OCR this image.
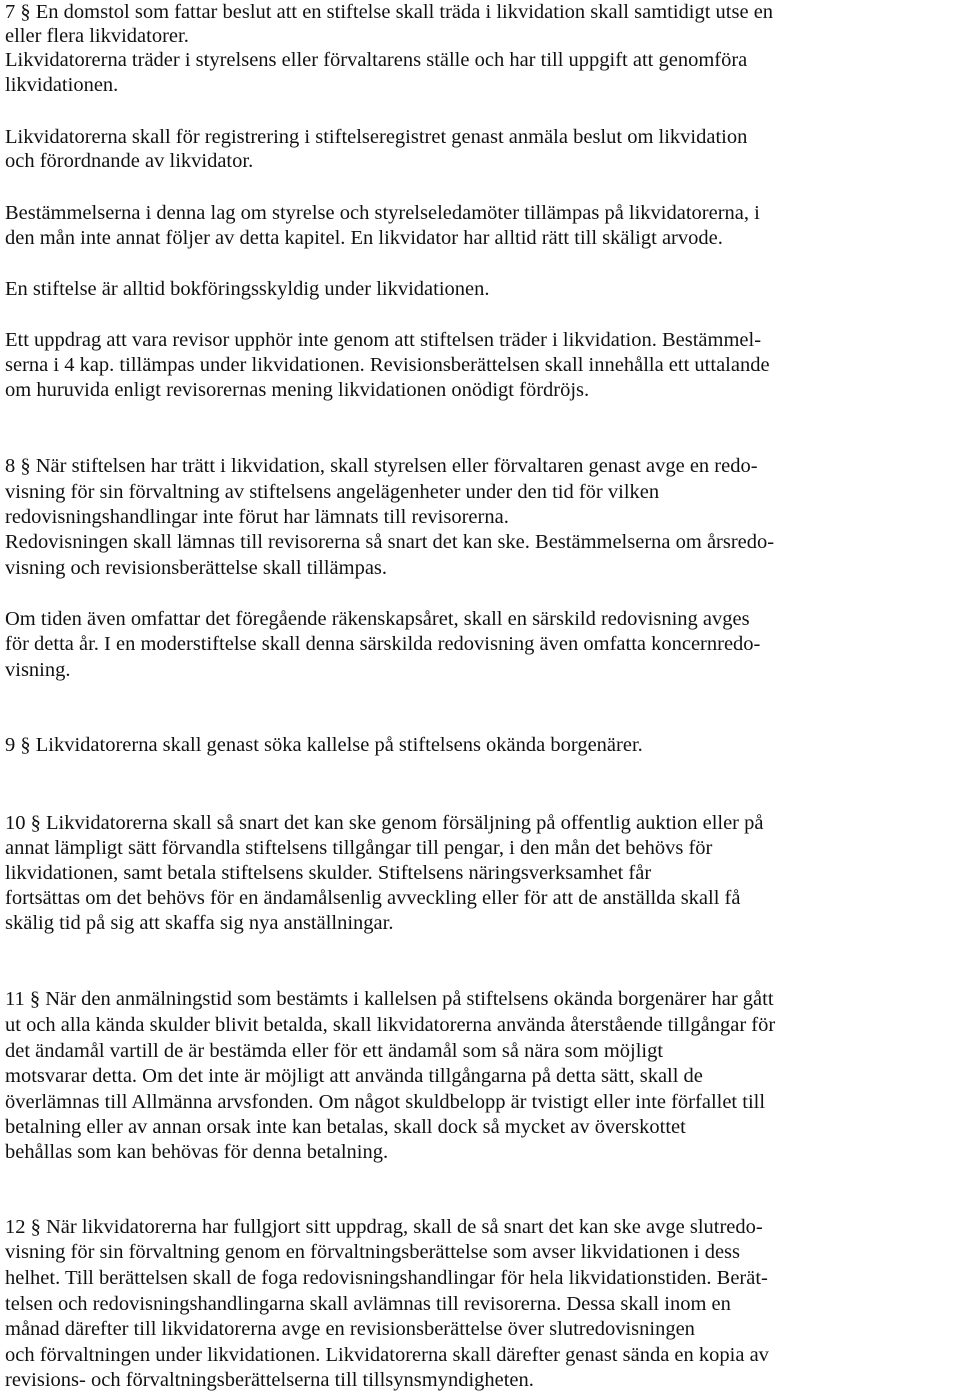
7 § En domstol som fattar beslut att en stiftelse skall träda i likvidation skall samtidigt utse en
eller flera likvidatorer.
Likvidatorerna träder i styrelsens eller förvaltarens ställe och har till uppgift att genomföra
likvidationen.
Likvidatorerna skall för registrering i stiftelseregistret genast anmäla beslut om likvidation
och förordnande av likvidator.
Bestämmelserna i denna lag om styrelse och styrelseledamöter tillämpas på likvidatorerna, i
den mån inte annat följer av detta kapitel. En likvidator har alltid rätt till skäligt arvode.
En stiftelse är alltid bokföringsskyldig under likvidationen.
Ett uppdrag att vara revisor upphör inte genom att stiftelsen träder i likvidation. Bestämmel-
serna i 4 kap. tillämpas under likvidationen. Revisionsberättelsen skall innehålla ett uttalande
om huruvida enligt revisorernas mening likvidationen onödigt fördröjs.
8 § När stiftelsen har trätt i likvidation, skall styrelsen eller förvaltaren genast avge en redo-
visning för sin förvaltning av stiftelsens angelägenheter under den tid för vilken
redovisningshandlingar inte förut har lämnats till revisorerna.
Redovisningen skall lämnas till revisorerna så snart det kan ske. Bestämmelserna om årsredo-
visning och revisionsberättelse skall tillämpas.
Om tiden även omfattar det föregående räkenskapsåret, skall en särskild redovisning avges
för detta år. I en moderstiftelse skall denna särskilda redovisning även omfatta koncernredo-
visning.
9 § Likvidatorerna skall genast söka kallelse på stiftelsens okända borgenärer.
10 § Likvidatorerna skall så snart det kan ske genom försäljning på offentlig auktion eller på
annat lämpligt sätt förvandla stiftelsens tillgångar till pengar, i den mån det behövs för
likvidationen, samt betala stiftelsens skulder. Stiftelsens näringsverksamhet får
fortsättas om det behövs för en ändamålsenlig avveckling eller för att de anställda skall få
skälig tid på sig att skaffa sig nya anställningar.
11 § När den anmälningstid som bestämts i kallelsen på stiftelsens okända borgenärer har gått
ut och alla kända skulder blivit betalda, skall likvidatorerna använda återstående tillgångar för
det ändamål vartill de är bestämda eller för ett ändamål som så nära som möjligt
motsvarar detta. Om det inte är möjligt att använda tillgångarna på detta sätt, skall de
överlämnas till Allmänna arvsfonden. Om något skuldbelopp är tvistigt eller inte förfallet till
betalning eller av annan orsak inte kan betalas, skall dock så mycket av överskottet
behållas som kan behövas för denna betalning.
12 § När likvidatorerna har fullgjort sitt uppdrag, skall de så snart det kan ske avge slutredo-
visning för sin förvaltning genom en förvaltningsberättelse som avser likvidationen i dess
helhet. Till berättelsen skall de foga redovisningshandlingar för hela likvidationstiden. Berät-
telsen och redovisningshandlingarna skall avlämnas till revisorerna. Dessa skall inom en
månad därefter till likvidatorerna avge en revisionsberättelse över slutredovisningen
och förvaltningen under likvidationen. Likvidatorerna skall därefter genast sända en kopia av
revisions- och förvaltningsberättelserna till tillsynsmyndigheten.
